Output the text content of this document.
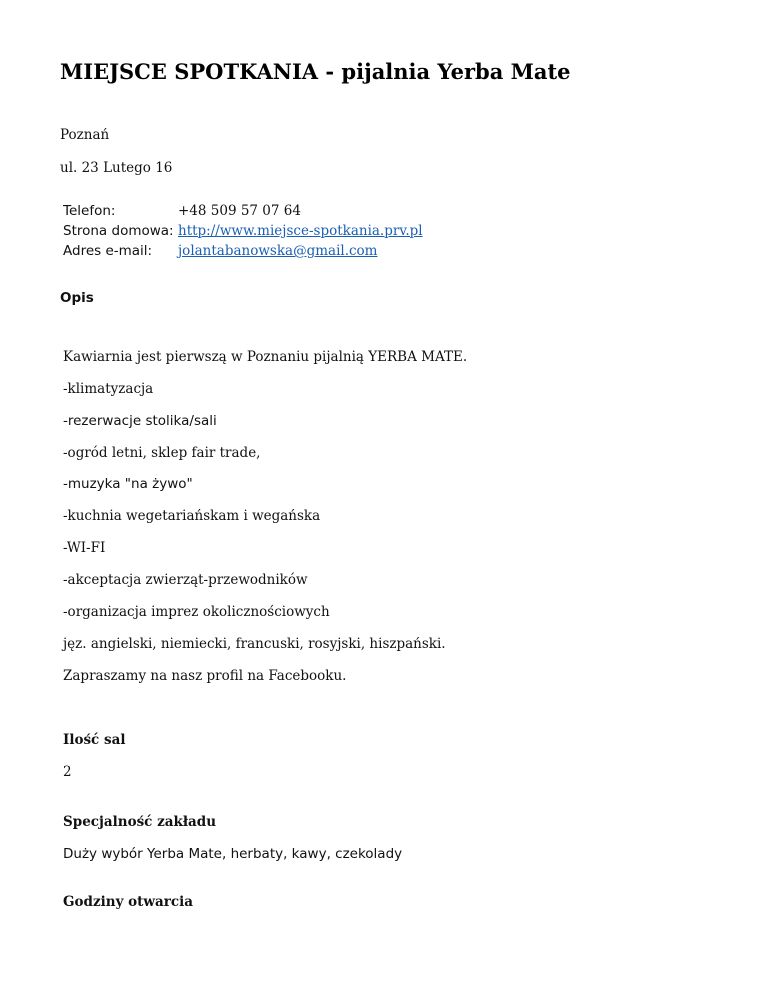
MIEJSCE SPOTKANIA - pijalnia Yerba Mate
Poznań
ul. 23 Lutego 16
Telefon:	+48 509 57 07 64
Strona domowa: http://www.miejsce-spotkania.prv.pl
Adres e-mail: jolantabanowska@gmail.com
Opis
Kawiarnia jest pierwszą w Poznaniu pijalnią YERBA MATE.
-klimatyzacja
-rezerwacje stolika/sali
-ogród letni, sklep fair trade,
-muzyka "na żywo"
-kuchnia wegetariańskam i wegańska
-WI-FI
-akceptacja zwierząt-przewodników
-organizacja imprez okolicznościowych
jęz. angielski, niemiecki, francuski, rosyjski, hiszpański.
Zapraszamy na nasz profil na Facebooku.
Ilość sal
2
Specjalność zakładu
Duży wybór Yerba Mate, herbaty, kawy, czekolady
Godziny otwarcia
